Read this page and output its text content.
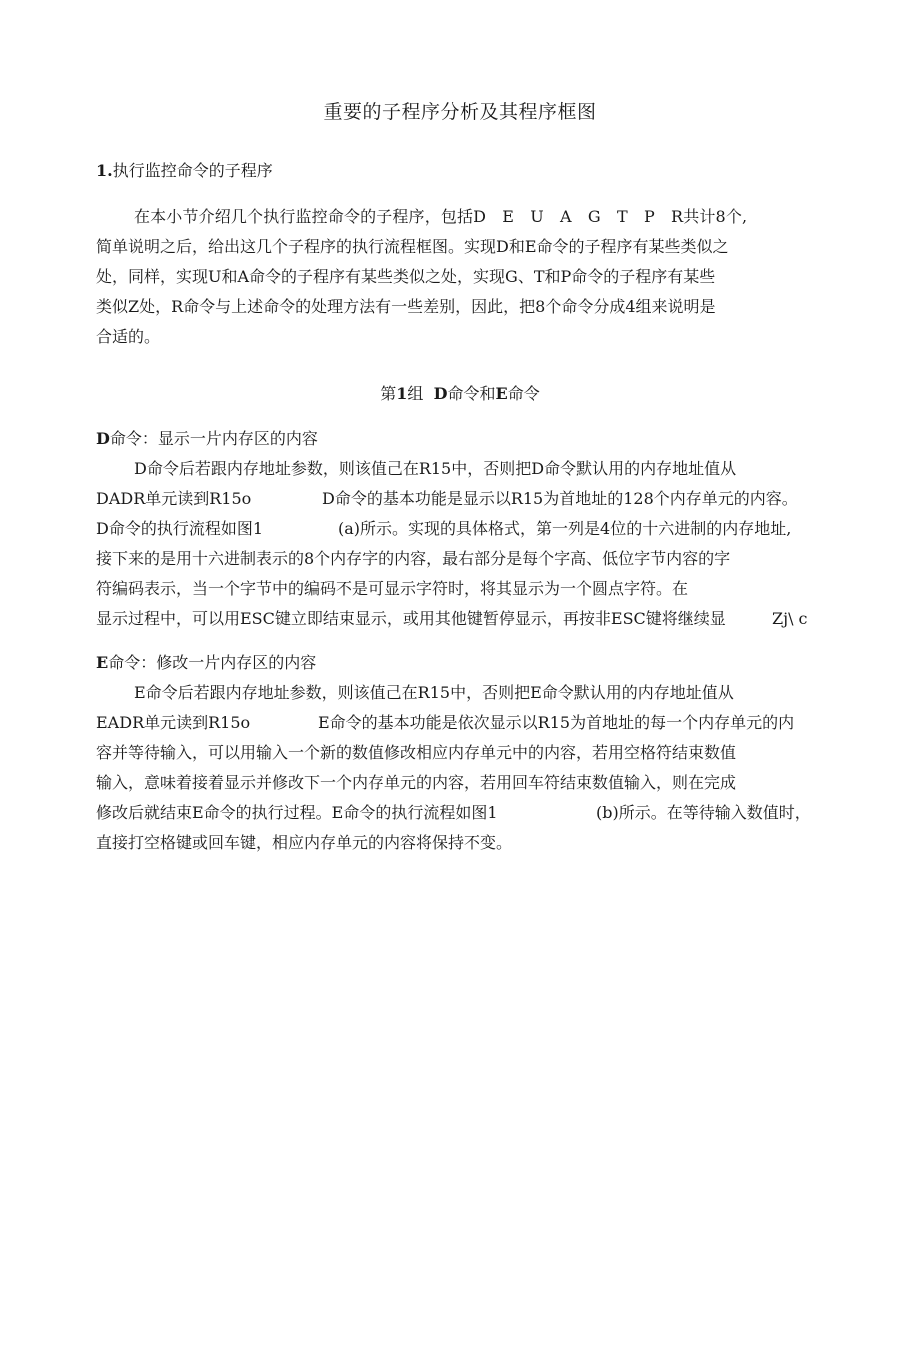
重要的子程序分析及其程序框图
1.执行监控命令的子程序
在本小节介绍几个执行监控命令的子程序，包括D　E　U　A　G　T　P　R共计8个,
简单说明之后，给出这几个子程序的执行流程框图。实现D和E命令的子程序有某些类似之
处，同样，实现U和A命令的子程序有某些类似之处，实现G、T和P命令的子程序有某些
类似Z处，R命令与上述命令的处理方法有一些差别，因此，把8个命令分成4组来说明是
合适的。
第1组  D命令和E命令
D命令：显示一片内存区的内容
D命令后若跟内存地址参数，则该值己在R15中，否则把D命令默认用的内存地址值从
DADR单元读到R15o	D命令的基本功能是显示以R15为首地址的128个内存单元的内容。
D命令的执行流程如图1	(a)所示。实现的具体格式，第一列是4位的十六进制的内存地址,
接下来的是用十六进制表示的8个内存字的内容，最右部分是每个字高、低位字节内容的字
符编码表示，当一个字节中的编码不是可显示字符时，将其显示为一个圆点字符。在
显示过程中，可以用ESC键立即结束显示，或用其他键暂停显示，再按非ESC键将继续显	Zj\ c
E命令：修改一片内存区的内容
E命令后若跟内存地址参数，则该值己在R15中，否则把E命令默认用的内存地址值从
EADR单元读到R15o	E命令的基本功能是依次显示以R15为首地址的每一个内存单元的内
容并等待输入，可以用输入一个新的数值修改相应内存单元中的内容，若用空格符结束数值
输入，意味着接着显示并修改下一个内存单元的内容，若用回车符结束数值输入，则在完成
修改后就结束E命令的执行过程。E命令的执行流程如图1	(b)所示。在等待输入数值时，
直接打空格键或回车键，相应内存单元的内容将保持不变。
